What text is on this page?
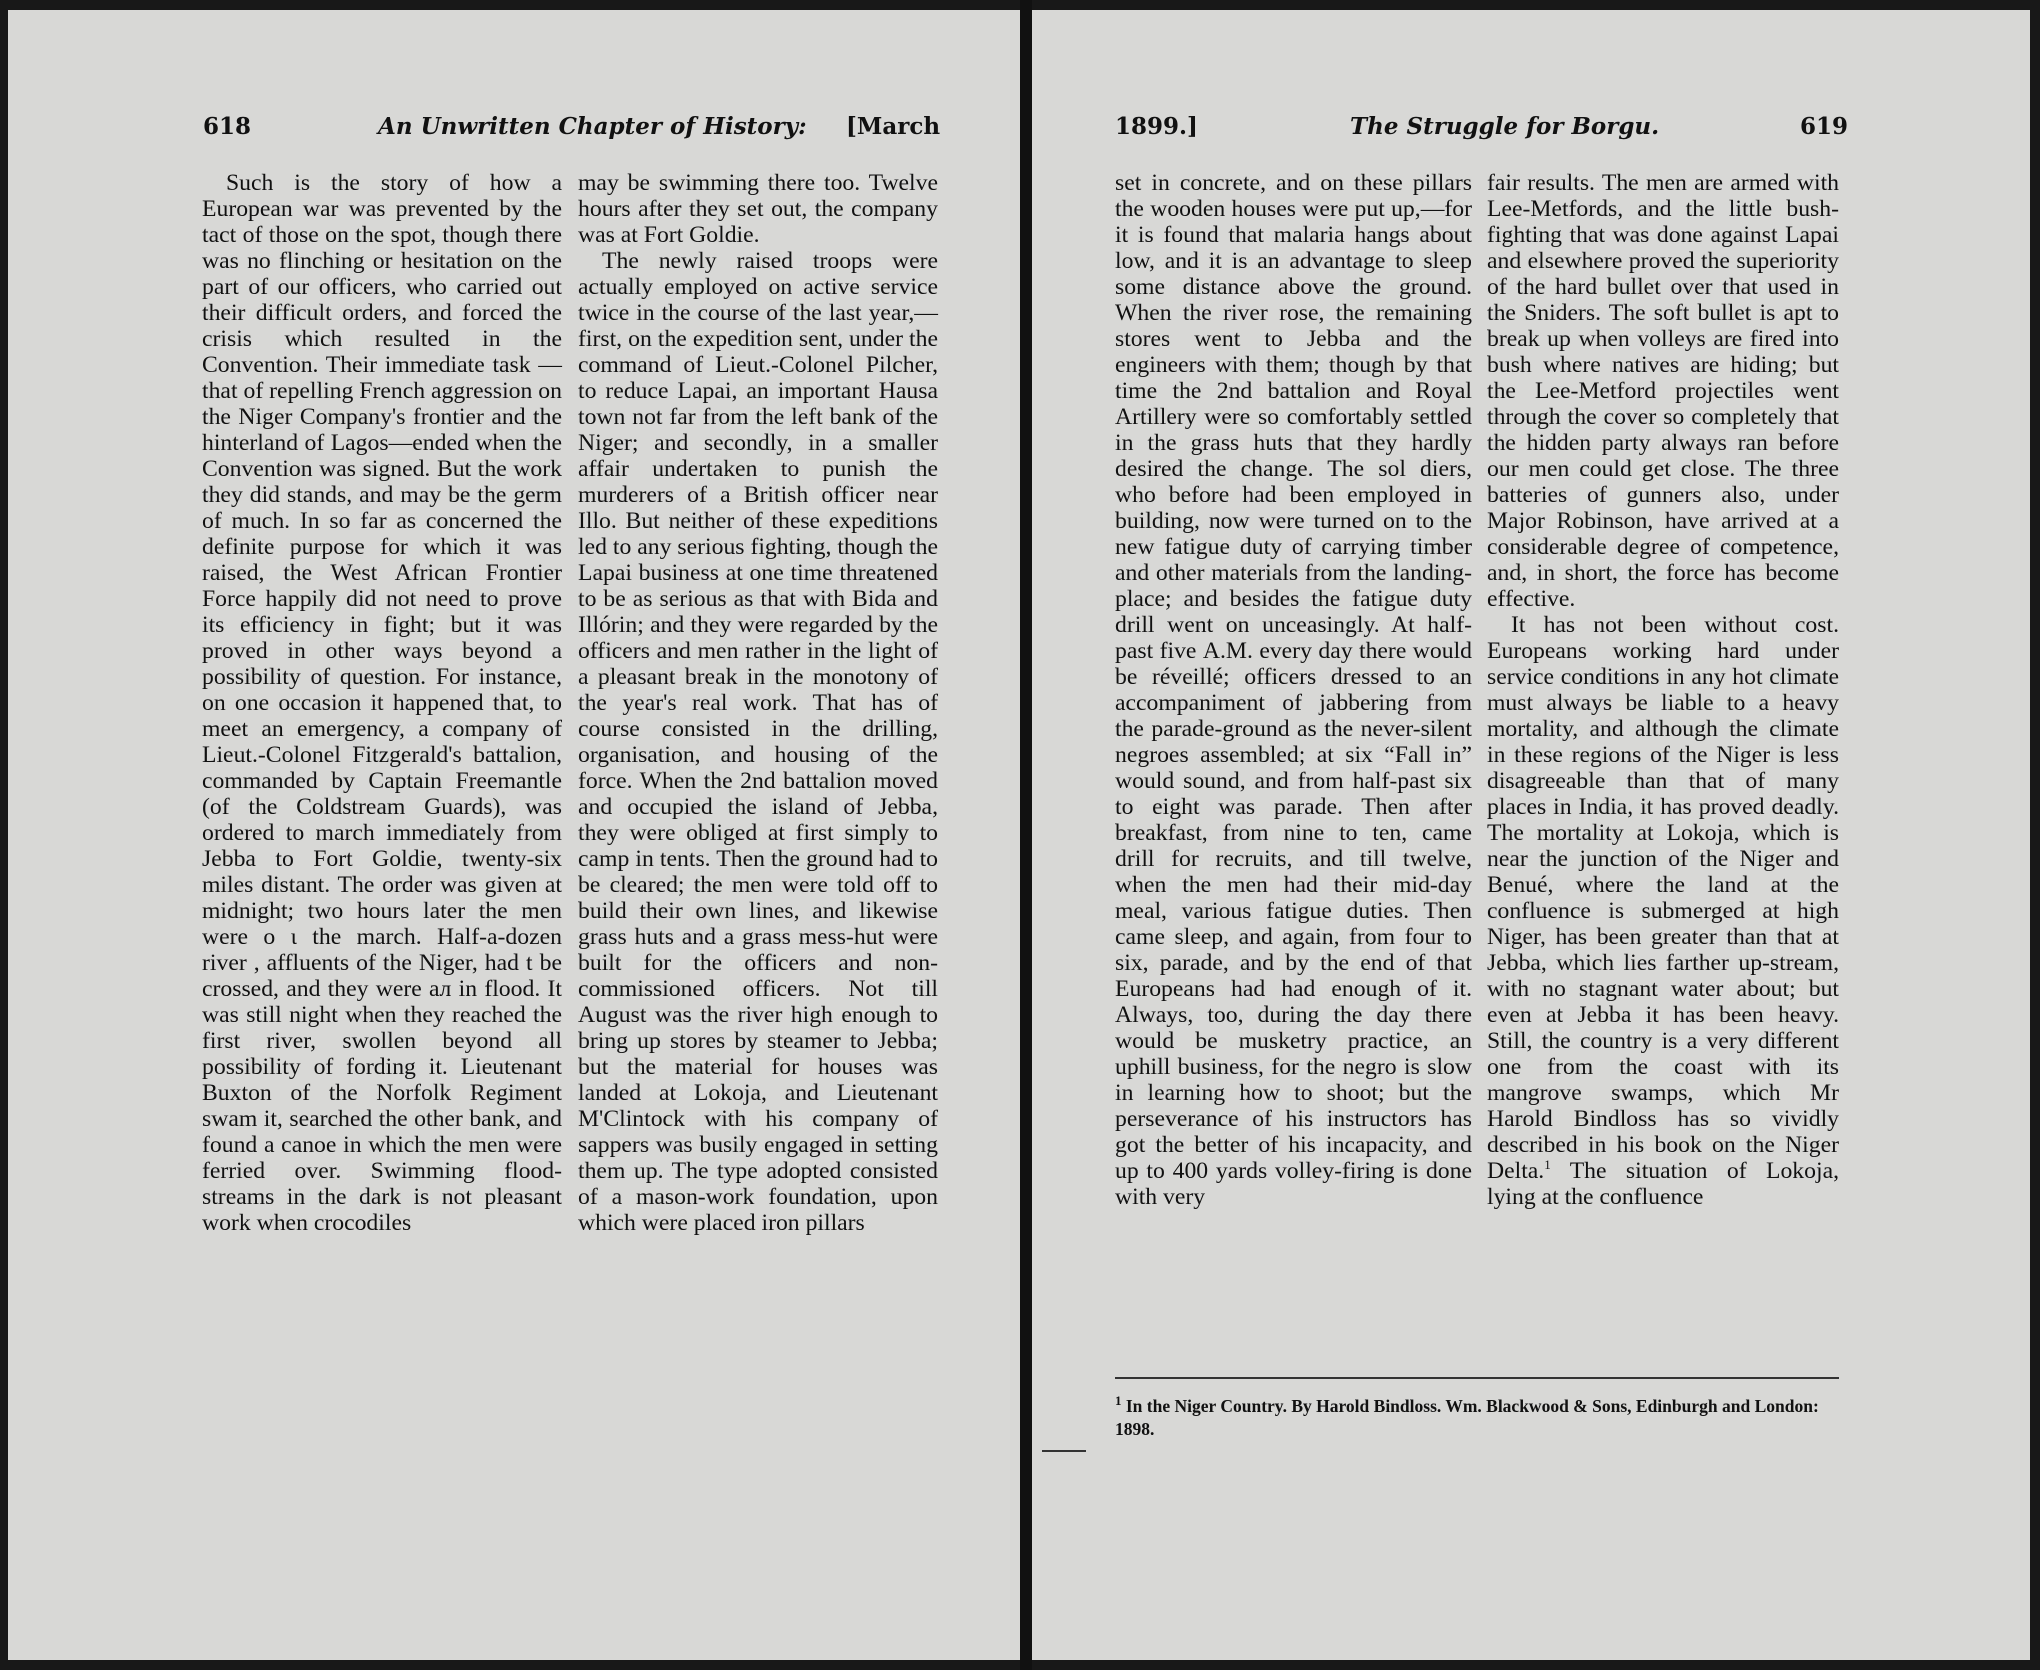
618	An Unwritten Chapter of History: [March

Such is the story of how a European war was prevented by the tact of those on the spot, though there was no flinching or hesitation on the part of our officers, who carried out their difficult orders, and forced the crisis which resulted in the Convention. Their immediate task —that of repelling French aggression on the Niger Company's frontier and the hinterland of Lagos—ended when the Convention was signed. But the work they did stands, and may be the germ of much. In so far as concerned the definite purpose for which it was raised, the West African Frontier Force happily did not need to prove its efficiency in fight; but it was proved in other ways beyond a possibility of question. For instance, on one occasion it happened that, to meet an emergency, a company of Lieut.-Colonel Fitzgerald's battalion, commanded by Captain Freemantle (of the Coldstream Guards), was ordered to march immediately from Jebba to Fort Goldie, twenty-six miles distant. The order was given at midnight; two hours later the men were o ι the march. Half-a-dozen river , affluents of the Niger, had t be crossed, and they were aл in flood. It was still night when they reached the first river, swollen beyond all possibility of fording it. Lieutenant Buxton of the Norfolk Regiment swam it, searched the other bank, and found a canoe in which the men were ferried over. Swimming flood-streams in the dark is not pleasant work when crocodiles

may be swimming there too. Twelve hours after they set out, the company was at Fort Goldie.

The newly raised troops were actually employed on active service twice in the course of the last year,—first, on the expedition sent, under the command of Lieut.-Colonel Pilcher, to reduce Lapai, an important Hausa town not far from the left bank of the Niger; and secondly, in a smaller affair undertaken to punish the murderers of a British officer near Illo. But neither of these expeditions led to any serious fighting, though the Lapai business at one time threatened to be as serious as that with Bida and Illórin; and they were regarded by the officers and men rather in the light of a pleasant break in the monotony of the year's real work. That has of course consisted in the drilling, organisation, and housing of the force. When the 2nd battalion moved and occupied the island of Jebba, they were obliged at first simply to camp in tents. Then the ground had to be cleared; the men were told off to build their own lines, and likewise grass huts and a grass mess-hut were built for the officers and non-commissioned officers. Not till August was the river high enough to bring up stores by steamer to Jebba; but the material for houses was landed at Lokoja, and Lieutenant M'Clintock with his company of sappers was busily engaged in setting them up. The type adopted consisted of a mason-work foundation, upon which were placed iron pillars

1899.]	The Struggle for Borgu.	619

set in concrete, and on these pillars the wooden houses were put up,—for it is found that malaria hangs about low, and it is an advantage to sleep some distance above the ground. When the river rose, the remaining stores went to Jebba and the engineers with them; though by that time the 2nd battalion and Royal Artillery were so comfortably settled in the grass huts that they hardly desired the change. The sol diers, who before had been employed in building, now were turned on to the new fatigue duty of carrying timber and other materials from the landing-place; and besides the fatigue duty drill went on unceasingly. At half-past five A.M. every day there would be réveillé; officers dressed to an accompaniment of jabbering from the parade-ground as the never-silent negroes assembled; at six “Fall in” would sound, and from half-past six to eight was parade. Then after breakfast, from nine to ten, came drill for recruits, and till twelve, when the men had their mid-day meal, various fatigue duties. Then came sleep, and again, from four to six, parade, and by the end of that Europeans had had enough of it. Always, too, during the day there would be musketry practice, an uphill business, for the negro is slow in learning how to shoot; but the perseverance of his instructors has got the better of his incapacity, and up to 400 yards volley-firing is done with very

fair results. The men are armed with Lee-Metfords, and the little bush-fighting that was done against Lapai and elsewhere proved the superiority of the hard bullet over that used in the Sniders. The soft bullet is apt to break up when volleys are fired into bush where natives are hiding; but the Lee-Metford projectiles went through the cover so completely that the hidden party always ran before our men could get close. The three batteries of gunners also, under Major Robinson, have arrived at a considerable degree of competence, and, in short, the force has become effective.

It has not been without cost. Europeans working hard under service conditions in any hot climate must always be liable to a heavy mortality, and although the climate in these regions of the Niger is less disagreeable than that of many places in India, it has proved deadly. The mortality at Lokoja, which is near the junction of the Niger and Benué, where the land at the confluence is submerged at high Niger, has been greater than that at Jebba, which lies farther up-stream, with no stagnant water about; but even at Jebba it has been heavy. Still, the country is a very different one from the coast with its mangrove swamps, which Mr Harold Bindloss has so vividly described in his book on the Niger Delta.$^1$ The situation of Lokoja, lying at the confluence

$^1$ In the Niger Country. By Harold Bindloss. Wm. Blackwood & Sons, Edinburgh and London: 1898.
